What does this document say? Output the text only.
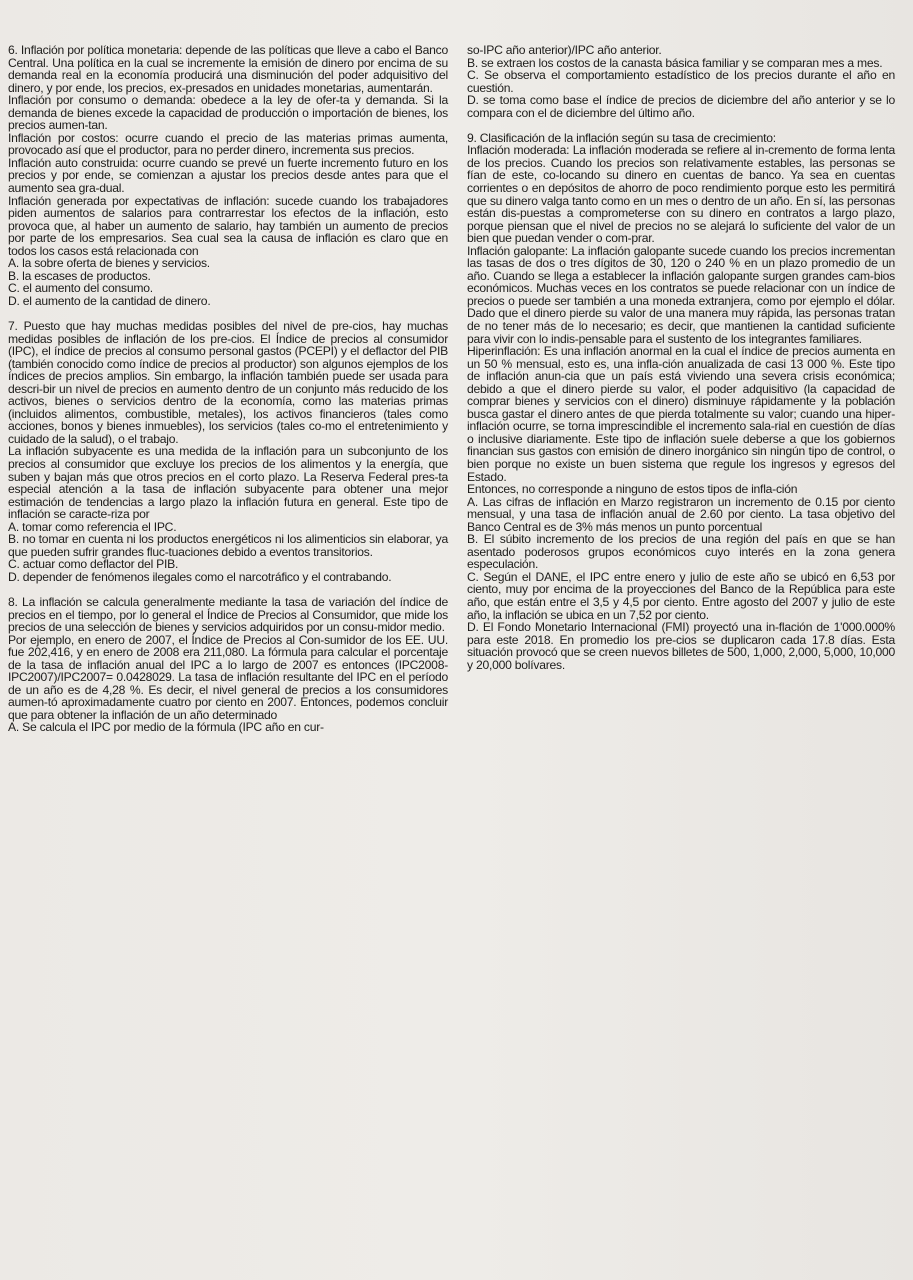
6. Inflación por política monetaria: depende de las políticas que lleve a cabo el Banco Central. Una política en la cual se incremente la emisión de dinero por encima de su demanda real en la economía producirá una disminución del poder adquisitivo del dinero, y por ende, los precios, ex-presados en unidades monetarias, aumentarán.

Inflación por consumo o demanda: obedece a la ley de ofer-ta y demanda. Si la demanda de bienes excede la capacidad de producción o importación de bienes, los precios aumen-tan.

Inflación por costos: ocurre cuando el precio de las materias primas aumenta, provocado así que el productor, para no perder dinero, incrementa sus precios.

Inflación auto construida: ocurre cuando se prevé un fuerte incremento futuro en los precios y por ende, se comienzan a ajustar los precios desde antes para que el aumento sea gra-dual.

Inflación generada por expectativas de inflación: sucede cuando los trabajadores piden aumentos de salarios para contrarrestar los efectos de la inflación, esto provoca que, al haber un aumento de salario, hay también un aumento de precios por parte de los empresarios. Sea cual sea la causa de inflación es claro que en todos los casos está relacionada con

A. la sobre oferta de bienes y servicios.

B. la escases de productos.

C. el aumento del consumo.

D. el aumento de la cantidad de dinero.

7. Puesto que hay muchas medidas posibles del nivel de pre-cios, hay muchas medidas posibles de inflación de los pre-cios. El Índice de precios al consumidor (IPC), el índice de precios al consumo personal gastos (PCEPI) y el deflactor del PIB (también conocido como índice de precios al productor) son algunos ejemplos de los índices de precios amplios. Sin embargo, la inflación también puede ser usada para descri-bir un nivel de precios en aumento dentro de un conjunto más reducido de los activos, bienes o servicios dentro de la economía, como las materias primas (incluidos alimentos, combustible, metales), los activos financieros (tales como acciones, bonos y bienes inmuebles), los servicios (tales co-mo el entretenimiento y cuidado de la salud), o el trabajo.

La inflación subyacente es una medida de la inflación para un subconjunto de los precios al consumidor que excluye los precios de los alimentos y la energía, que suben y bajan más que otros precios en el corto plazo. La Reserva Federal pres-ta especial atención a la tasa de inflación subyacente para obtener una mejor estimación de tendencias a largo plazo la inflación futura en general. Este tipo de inflación se caracte-riza por

A. tomar como referencia el IPC.

B. no tomar en cuenta ni los productos energéticos ni los alimenticios sin elaborar, ya que pueden sufrir grandes fluc-tuaciones debido a eventos transitorios.

C. actuar como deflactor del PIB.

D. depender de fenómenos ilegales como el narcotráfico y el contrabando.

8. La inflación se calcula generalmente mediante la tasa de variación del índice de precios en el tiempo, por lo general el Índice de Precios al Consumidor, que mide los precios de una selección de bienes y servicios adquiridos por un consu-midor medio.

Por ejemplo, en enero de 2007, el Índice de Precios al Con-sumidor de los EE. UU. fue 202,416, y en enero de 2008 era 211,080. La fórmula para calcular el porcentaje de la tasa de inflación anual del IPC a lo largo de 2007 es entonces (IPC2008-IPC2007)/IPC2007= 0.0428029. La tasa de inflación resultante del IPC en el período de un año es de 4,28 %. Es decir, el nivel general de precios a los consumidores aumen-tó aproximadamente cuatro por ciento en 2007. Entonces, podemos concluir que para obtener la inflación de un año determinado

A. Se calcula el IPC por medio de la fórmula (IPC año en cur-

so-IPC año anterior)/IPC año anterior.

B. se extraen los costos de la canasta básica familiar y se comparan mes a mes.

C. Se observa el comportamiento estadístico de los precios durante el año en cuestión.

D. se toma como base el índice de precios de diciembre del año anterior y se lo compara con el de diciembre del último año.

9. Clasificación de la inflación según su tasa de crecimiento:

Inflación moderada: La inflación moderada se refiere al in-cremento de forma lenta de los precios. Cuando los precios son relativamente estables, las personas se fían de este, co-locando su dinero en cuentas de banco. Ya sea en cuentas corrientes o en depósitos de ahorro de poco rendimiento porque esto les permitirá que su dinero valga tanto como en un mes o dentro de un año. En sí, las personas están dis-puestas a comprometerse con su dinero en contratos a largo plazo, porque piensan que el nivel de precios no se alejará lo suficiente del valor de un bien que puedan vender o com-prar.

Inflación galopante: La inflación galopante sucede cuando los precios incrementan las tasas de dos o tres dígitos de 30, 120 o 240 % en un plazo promedio de un año. Cuando se llega a establecer la inflación galopante surgen grandes cam-bios económicos. Muchas veces en los contratos se puede relacionar con un índice de precios o puede ser también a una moneda extranjera, como por ejemplo el dólar. Dado que el dinero pierde su valor de una manera muy rápida, las personas tratan de no tener más de lo necesario; es decir, que mantienen la cantidad suficiente para vivir con lo indis-pensable para el sustento de los integrantes familiares.

Hiperinflación: Es una inflación anormal en la cual el índice de precios aumenta en un 50 % mensual, esto es, una infla-ción anualizada de casi 13 000 %. Este tipo de inflación anun-cia que un país está viviendo una severa crisis económica; debido a que el dinero pierde su valor, el poder adquisitivo (la capacidad de comprar bienes y servicios con el dinero) disminuye rápidamente y la población busca gastar el dinero antes de que pierda totalmente su valor; cuando una hiper-inflación ocurre, se torna imprescindible el incremento sala-rial en cuestión de días o inclusive diariamente. Este tipo de inflación suele deberse a que los gobiernos financian sus gastos con emisión de dinero inorgánico sin ningún tipo de control, o bien porque no existe un buen sistema que regule los ingresos y egresos del Estado.

Entonces, no corresponde a ninguno de estos tipos de infla-ción

A. Las cifras de inflación en Marzo registraron un incremento de 0.15 por ciento mensual, y una tasa de inflación anual de 2.60 por ciento. La tasa objetivo del Banco Central es de 3% más menos un punto porcentual

B. El súbito incremento de los precios de una región del país en que se han asentado poderosos grupos económicos cuyo interés en la zona genera especulación.

C. Según el DANE, el IPC entre enero y julio de este año se ubicó en 6,53 por ciento, muy por encima de la proyecciones del Banco de la República para este año, que están entre el 3,5 y 4,5 por ciento. Entre agosto del 2007 y julio de este año, la inflación se ubica en un 7,52 por ciento.

D. El Fondo Monetario Internacional (FMI) proyectó una in-flación de 1'000.000% para este 2018. En promedio los pre-cios se duplicaron cada 17.8 días. Esta situación provocó que se creen nuevos billetes de 500, 1,000, 2,000, 5,000, 10,000 y 20,000 bolívares.
